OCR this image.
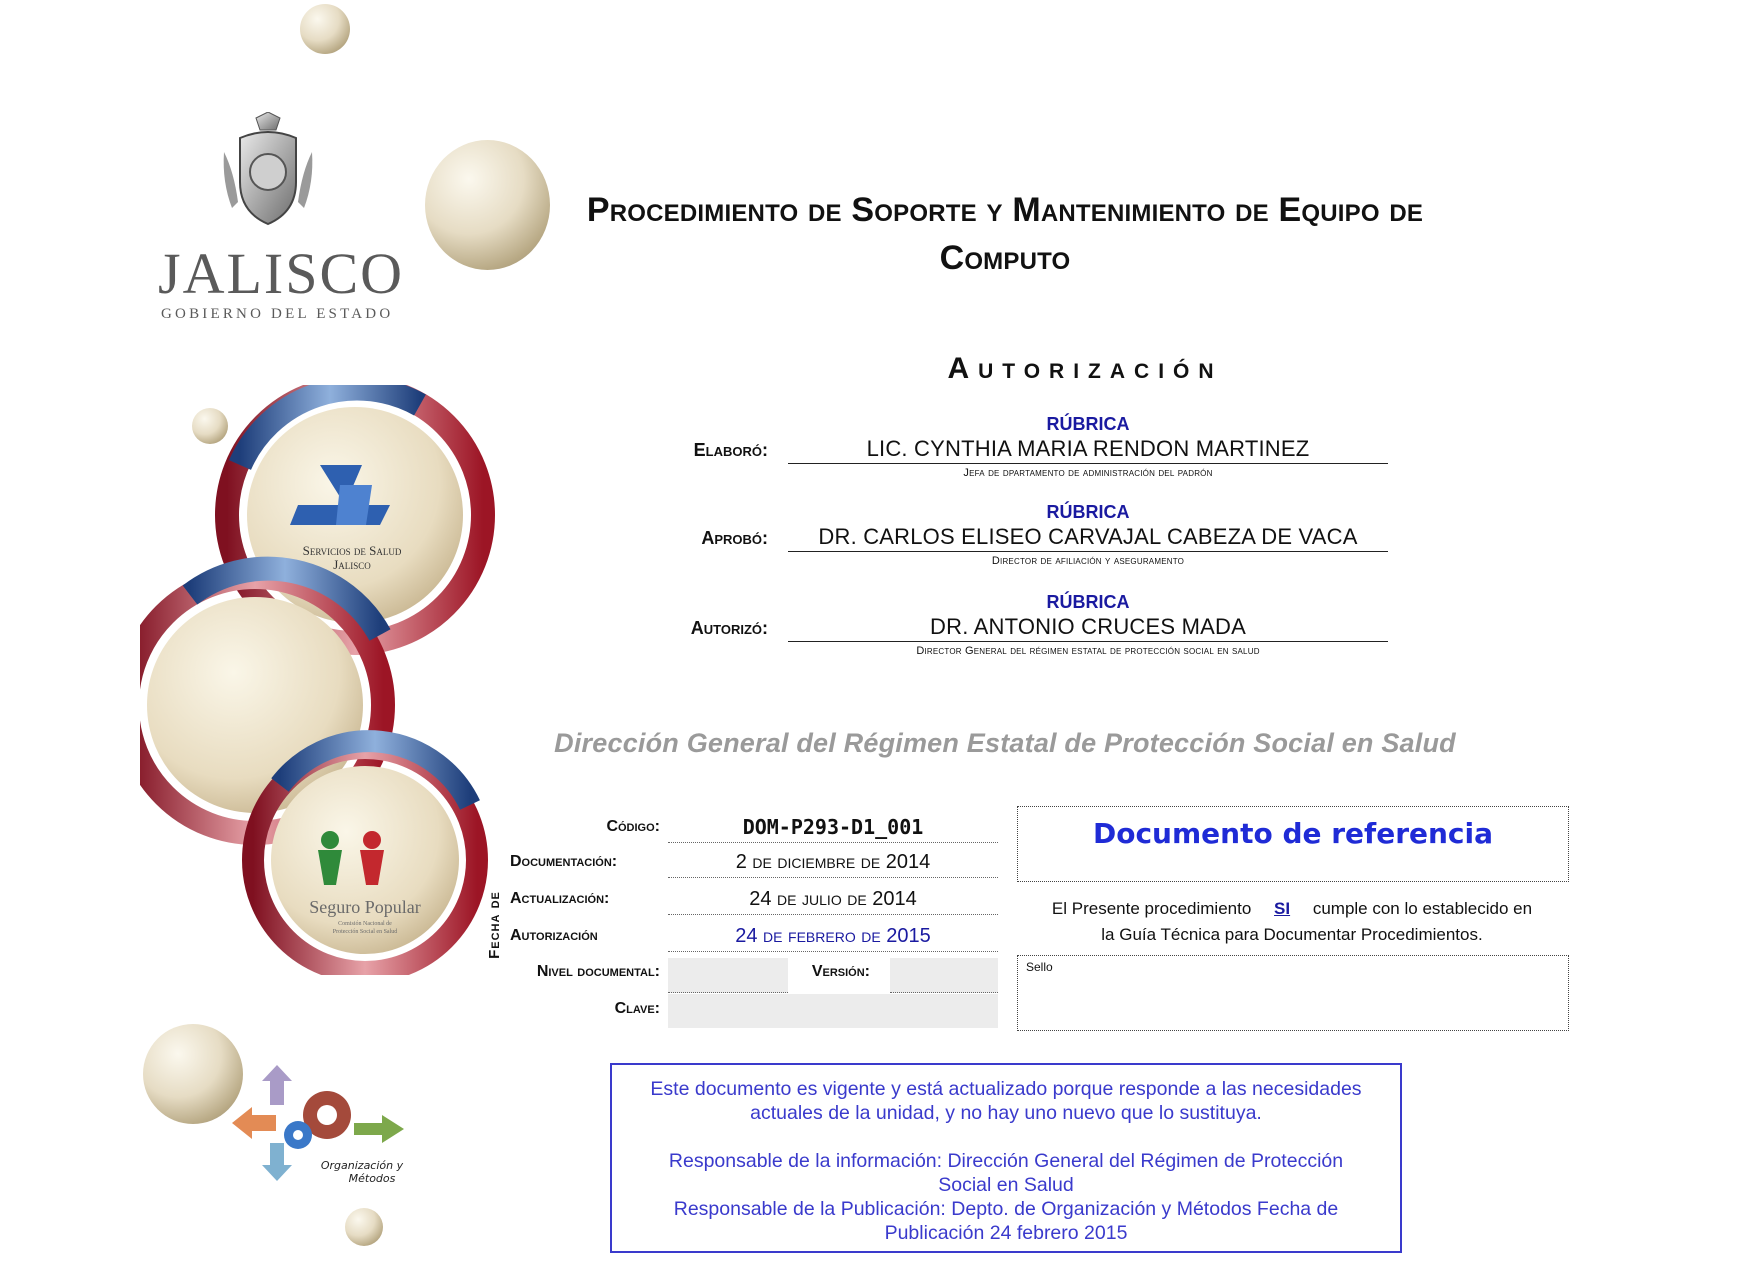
JALISCO
GOBIERNO DEL ESTADO
Procedimiento de Soporte y Mantenimiento de Equipo de
Computo
Servicios de Salud
Jalisco
Seguro Popular
Comisión Nacional de
Protección Social en Salud
Organización y
Métodos
Autorización
Elaboró:
RÚBRICA
LIC. CYNTHIA MARIA RENDON MARTINEZ
Jefa de dpartamento de administración del padrón
Aprobó:
RÚBRICA
DR. CARLOS ELISEO CARVAJAL CABEZA DE VACA
Director de afiliación y aseguramento
Autorizó:
RÚBRICA
DR. ANTONIO CRUCES MADA
Director General del régimen estatal de protección social en salud
Dirección General del Régimen Estatal de Protección Social en Salud
Código:	DOM-P293-D1_001
Fecha de
Documentación:	2 de diciembre de 2014
Actualización:	24 de julio de 2014
Autorización	24 de febrero de 2015
Nivel documental:	Versión:
Clave:
Documento de referencia
El Presente procedimiento SI cumple con lo establecido en
la Guía Técnica para Documentar Procedimientos.
Sello

Este documento es vigente y está actualizado porque responde a las necesidades

actuales de la unidad, y no hay uno nuevo que lo sustituya.

Responsable de la información: Dirección General del Régimen de Protección

Social en Salud

Responsable de la Publicación: Depto. de Organización y Métodos Fecha de

Publicación 24 febrero 2015
